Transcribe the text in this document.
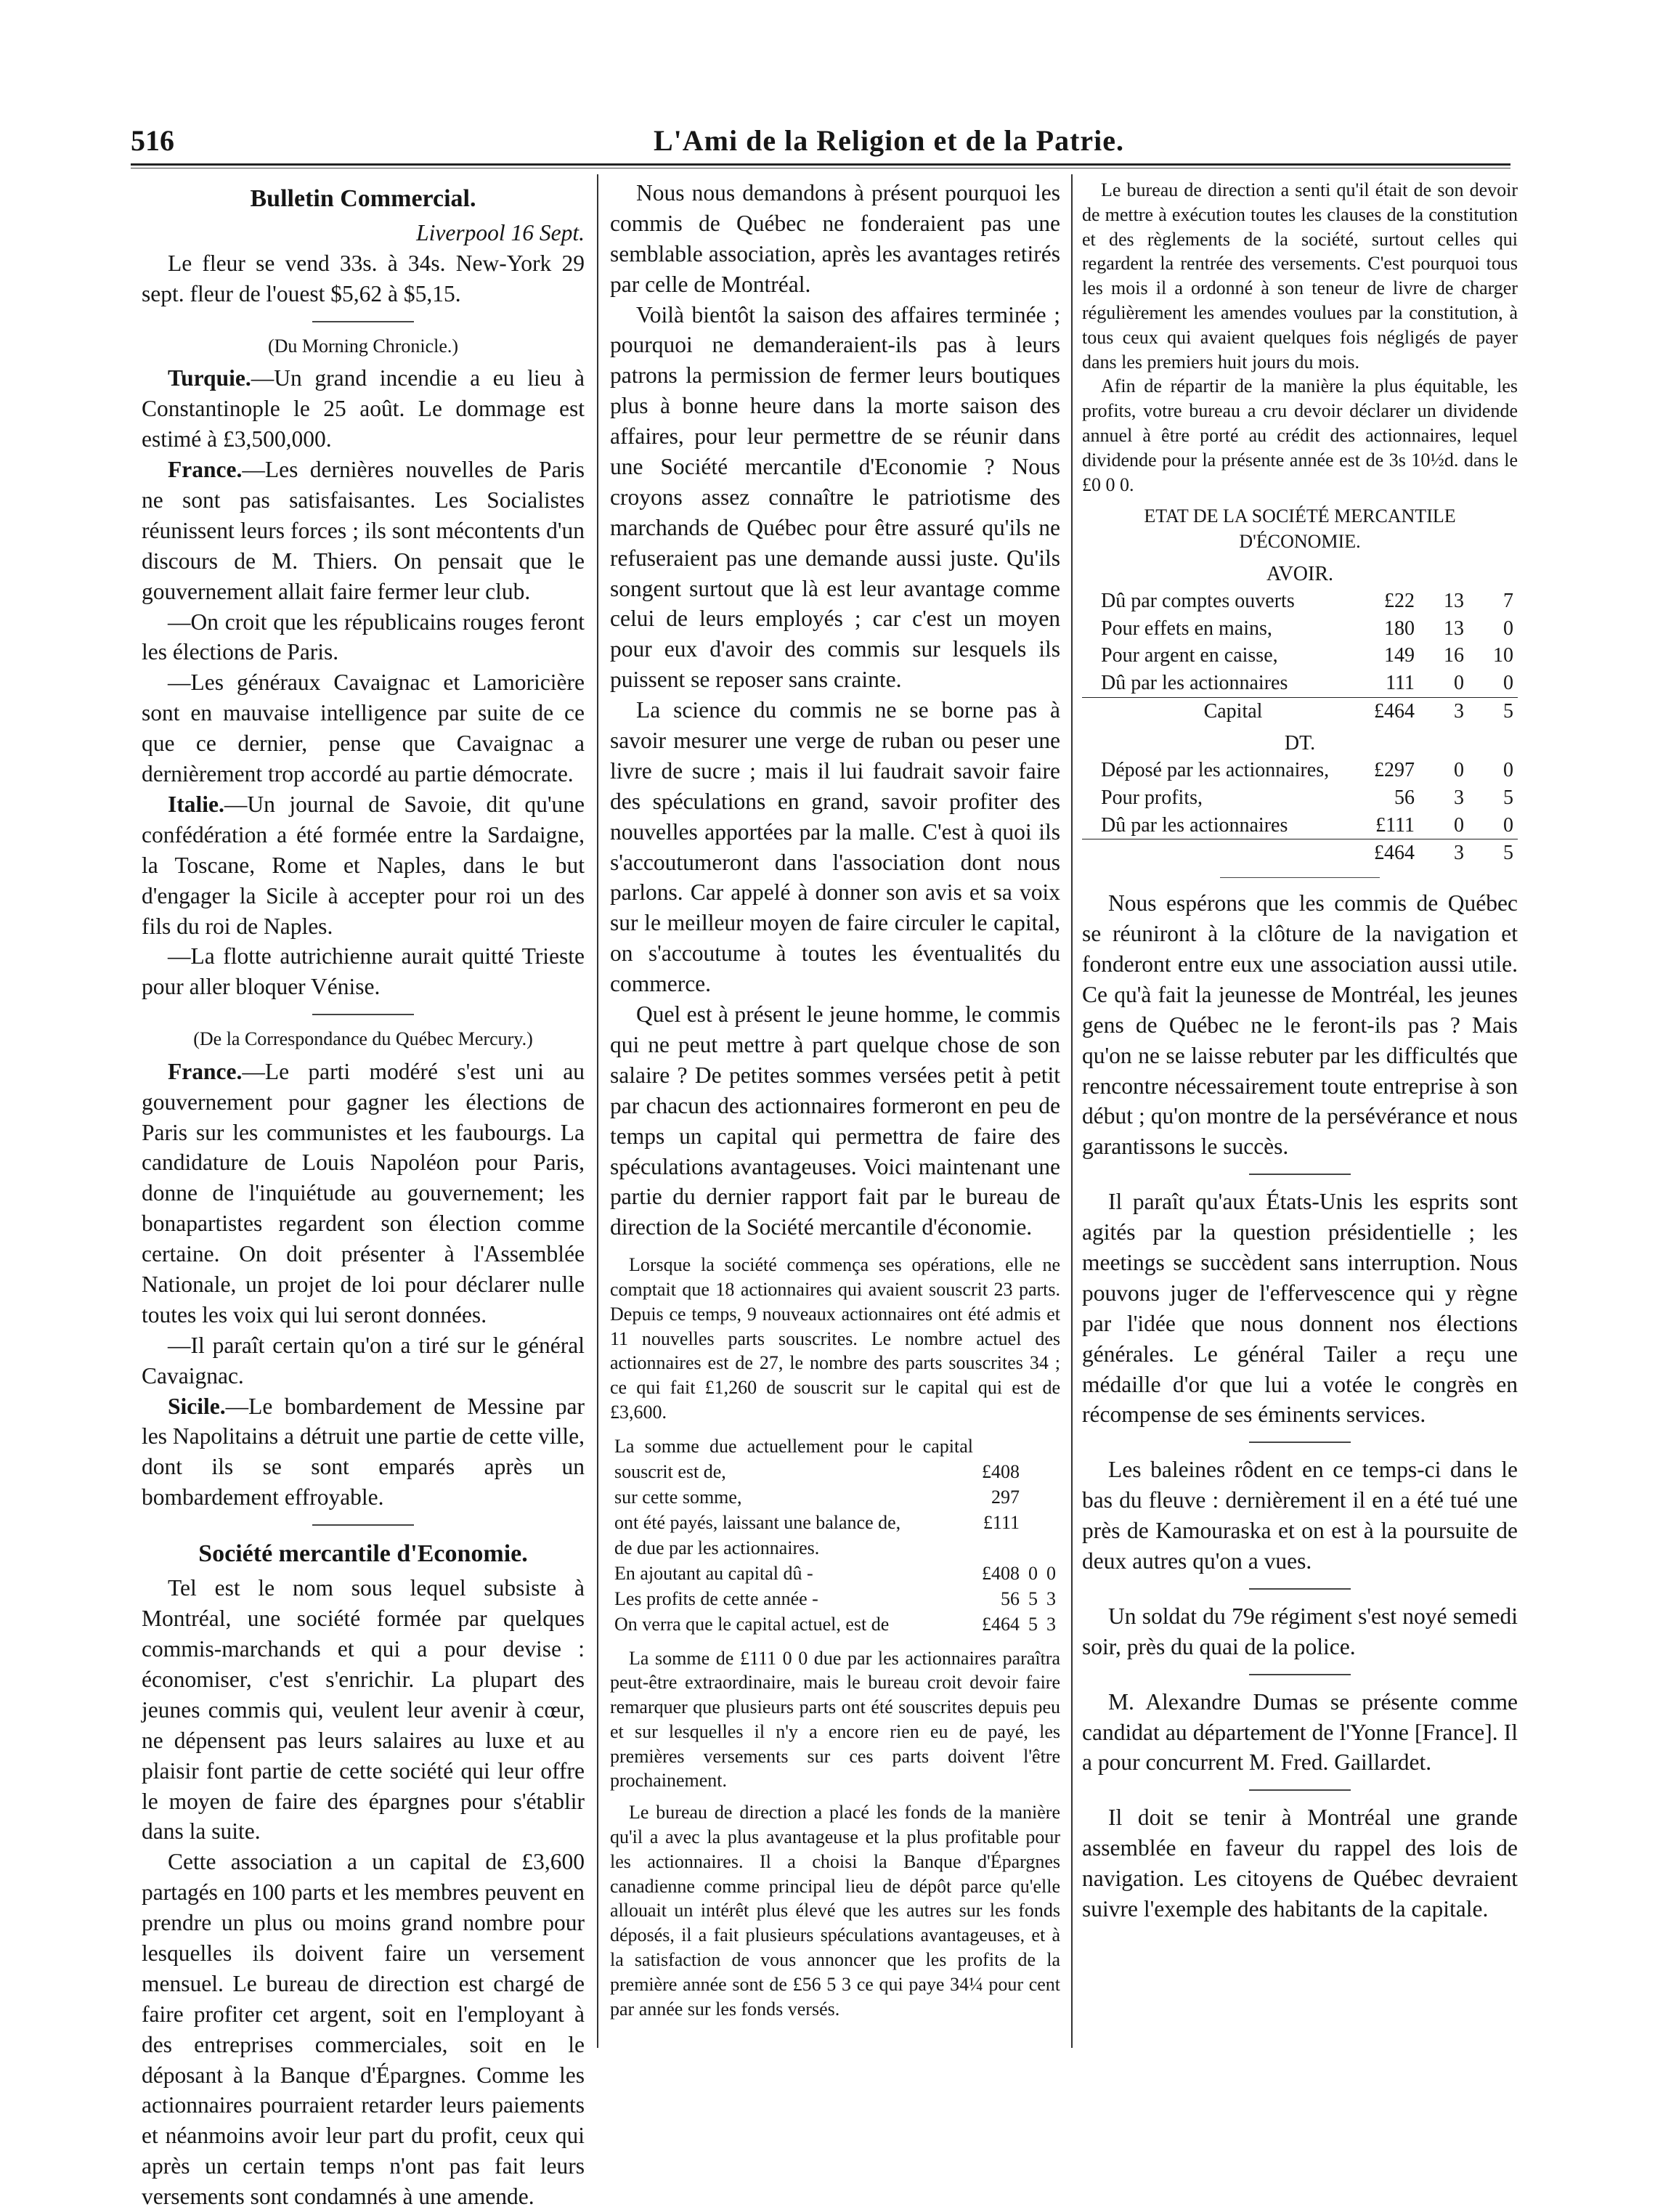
516	L'Ami de la Religion et de la Patrie.
Bulletin Commercial.

Liverpool 16 Sept.

Le fleur se vend 33s. à 34s. New-York 29 sept. fleur de l'ouest $5,62 à $5,15.

(Du Morning Chronicle.)

Turquie.—Un grand incendie a eu lieu à Constantinople le 25 août. Le dommage est estimé à £3,500,000.

France.—Les dernières nouvelles de Paris ne sont pas satisfaisantes. Les Socialistes réunissent leurs forces ; ils sont mécontents d'un discours de M. Thiers. On pensait que le gouvernement allait faire fermer leur club.

—On croit que les républicains rouges feront les élections de Paris.

—Les généraux Cavaignac et Lamoricière sont en mauvaise intelligence par suite de ce que ce dernier, pense que Cavaignac a dernièrement trop accordé au partie démocrate.

Italie.—Un journal de Savoie, dit qu'une confédération a été formée entre la Sardaigne, la Toscane, Rome et Naples, dans le but d'engager la Sicile à accepter pour roi un des fils du roi de Naples.

—La flotte autrichienne aurait quitté Trieste pour aller bloquer Vénise.

(De la Correspondance du Québec Mercury.)

France.—Le parti modéré s'est uni au gouvernement pour gagner les élections de Paris sur les communistes et les faubourgs. La candidature de Louis Napoléon pour Paris, donne de l'inquiétude au gouvernement; les bonapartistes regardent son élection comme certaine. On doit présenter à l'Assemblée Nationale, un projet de loi pour déclarer nulle toutes les voix qui lui seront données.

—Il paraît certain qu'on a tiré sur le général Cavaignac.

Sicile.—Le bombardement de Messine par les Napolitains a détruit une partie de cette ville, dont ils se sont emparés après un bombardement effroyable.

Société mercantile d'Economie.

Tel est le nom sous lequel subsiste à Montréal, une société formée par quelques commis-marchands et qui a pour devise : économiser, c'est s'enrichir. La plupart des jeunes commis qui, veulent leur avenir à cœur, ne dépensent pas leurs salaires au luxe et au plaisir font partie de cette société qui leur offre le moyen de faire des épargnes pour s'établir dans la suite.

Cette association a un capital de £3,600 partagés en 100 parts et les membres peuvent en prendre un plus ou moins grand nombre pour lesquelles ils doivent faire un versement mensuel. Le bureau de direction est chargé de faire profiter cet argent, soit en l'employant à des entreprises commerciales, soit en le déposant à la Banque d'Épargnes. Comme les actionnaires pourraient retarder leurs paiements et néanmoins avoir leur part du profit, ceux qui après un certain temps n'ont pas fait leurs versements sont condamnés à une amende.

Nous nous demandons à présent pourquoi les commis de Québec ne fonderaient pas une semblable association, après les avantages retirés par celle de Montréal.

Voilà bientôt la saison des affaires terminée ; pourquoi ne demanderaient-ils pas à leurs patrons la permission de fermer leurs boutiques plus à bonne heure dans la morte saison des affaires, pour leur permettre de se réunir dans une Société mercantile d'Economie ? Nous croyons assez connaître le patriotisme des marchands de Québec pour être assuré qu'ils ne refuseraient pas une demande aussi juste. Qu'ils songent surtout que là est leur avantage comme celui de leurs employés ; car c'est un moyen pour eux d'avoir des commis sur lesquels ils puissent se reposer sans crainte.

La science du commis ne se borne pas à savoir mesurer une verge de ruban ou peser une livre de sucre ; mais il lui faudrait savoir faire des spéculations en grand, savoir profiter des nouvelles apportées par la malle. C'est à quoi ils s'accoutumeront dans l'association dont nous parlons. Car appelé à donner son avis et sa voix sur le meilleur moyen de faire circuler le capital, on s'accoutume à toutes les éventualités du commerce.

Quel est à présent le jeune homme, le commis qui ne peut mettre à part quelque chose de son salaire ? De petites sommes versées petit à petit par chacun des actionnaires formeront en peu de temps un capital qui permettra de faire des spéculations avantageuses. Voici maintenant une partie du dernier rapport fait par le bureau de direction de la Société mercantile d'économie.

Lorsque la société commença ses opérations, elle ne comptait que 18 actionnaires qui avaient souscrit 23 parts. Depuis ce temps, 9 nouveaux actionnaires ont été admis et 11 nouvelles parts souscrites. Le nombre actuel des actionnaires est de 27, le nombre des parts souscrites 34 ; ce qui fait £1,260 de souscrit sur le capital qui est de £3,600.

La somme due actuellement pour le capital souscrit est de,	£408		
sur cette somme,	297		
ont été payés, laissant une balance de,	£111		
de due par les actionnaires.			
En ajoutant au capital dû -	£408	0	0
Les profits de cette année -	56	5	3
On verra que le capital actuel, est de	£464	5	3

La somme de £111 0 0 due par les actionnaires paraîtra peut-être extraordinaire, mais le bureau croit devoir faire remarquer que plusieurs parts ont été souscrites depuis peu et sur lesquelles il n'y a encore rien eu de payé, les premières versements sur ces parts doivent l'être prochainement.

Le bureau de direction a placé les fonds de la manière qu'il a avec la plus avantageuse et la plus profitable pour les actionnaires. Il a choisi la Banque d'Épargnes canadienne comme principal lieu de dépôt parce qu'elle allouait un intérêt plus élevé que les autres sur les fonds déposés, il a fait plusieurs spéculations avantageuses, et à la satisfaction de vous annoncer que les profits de la première année sont de £56 5 3 ce qui paye 34¼ pour cent par année sur les fonds versés.

Le bureau de direction a senti qu'il était de son devoir de mettre à exécution toutes les clauses de la constitution et des règlements de la société, surtout celles qui regardent la rentrée des versements. C'est pourquoi tous les mois il a ordonné à son teneur de livre de charger régulièrement les amendes voulues par la constitution, à tous ceux qui avaient quelques fois négligés de payer dans les premiers huit jours du mois.

Afin de répartir de la manière la plus équitable, les profits, votre bureau a cru devoir déclarer un dividende annuel à être porté au crédit des actionnaires, lequel dividende pour la présente année est de 3s 10½d. dans le £0 0 0.

ETAT DE LA SOCIÉTÉ MERCANTILE D'ÉCONOMIE.

AVOIR.

Dû par comptes ouverts	£22	13	7
Pour effets en mains,	180	13	0
Pour argent en caisse,	149	16	10
Dû par les actionnaires	111	0	0
Capital	£464	3	5

DT.

Déposé par les actionnaires,	£297	0	0
Pour profits,	56	3	5
Dû par les actionnaires	£111	0	0
	£464	3	5

Nous espérons que les commis de Québec se réuniront à la clôture de la navigation et fonderont entre eux une association aussi utile. Ce qu'à fait la jeunesse de Montréal, les jeunes gens de Québec ne le feront-ils pas ? Mais qu'on ne se laisse rebuter par les difficultés que rencontre nécessairement toute entreprise à son début ; qu'on montre de la persévérance et nous garantissons le succès.

Il paraît qu'aux États-Unis les esprits sont agités par la question présidentielle ; les meetings se succèdent sans interruption. Nous pouvons juger de l'effervescence qui y règne par l'idée que nous donnent nos élections générales. Le général Tailer a reçu une médaille d'or que lui a votée le congrès en récompense de ses éminents services.

Les baleines rôdent en ce temps-ci dans le bas du fleuve : dernièrement il en a été tué une près de Kamouraska et on est à la poursuite de deux autres qu'on a vues.

Un soldat du 79e régiment s'est noyé semedi soir, près du quai de la police.

M. Alexandre Dumas se présente comme candidat au département de l'Yonne [France]. Il a pour concurrent M. Fred. Gaillardet.

Il doit se tenir à Montréal une grande assemblée en faveur du rappel des lois de navigation. Les citoyens de Québec devraient suivre l'exemple des habitants de la capitale.
